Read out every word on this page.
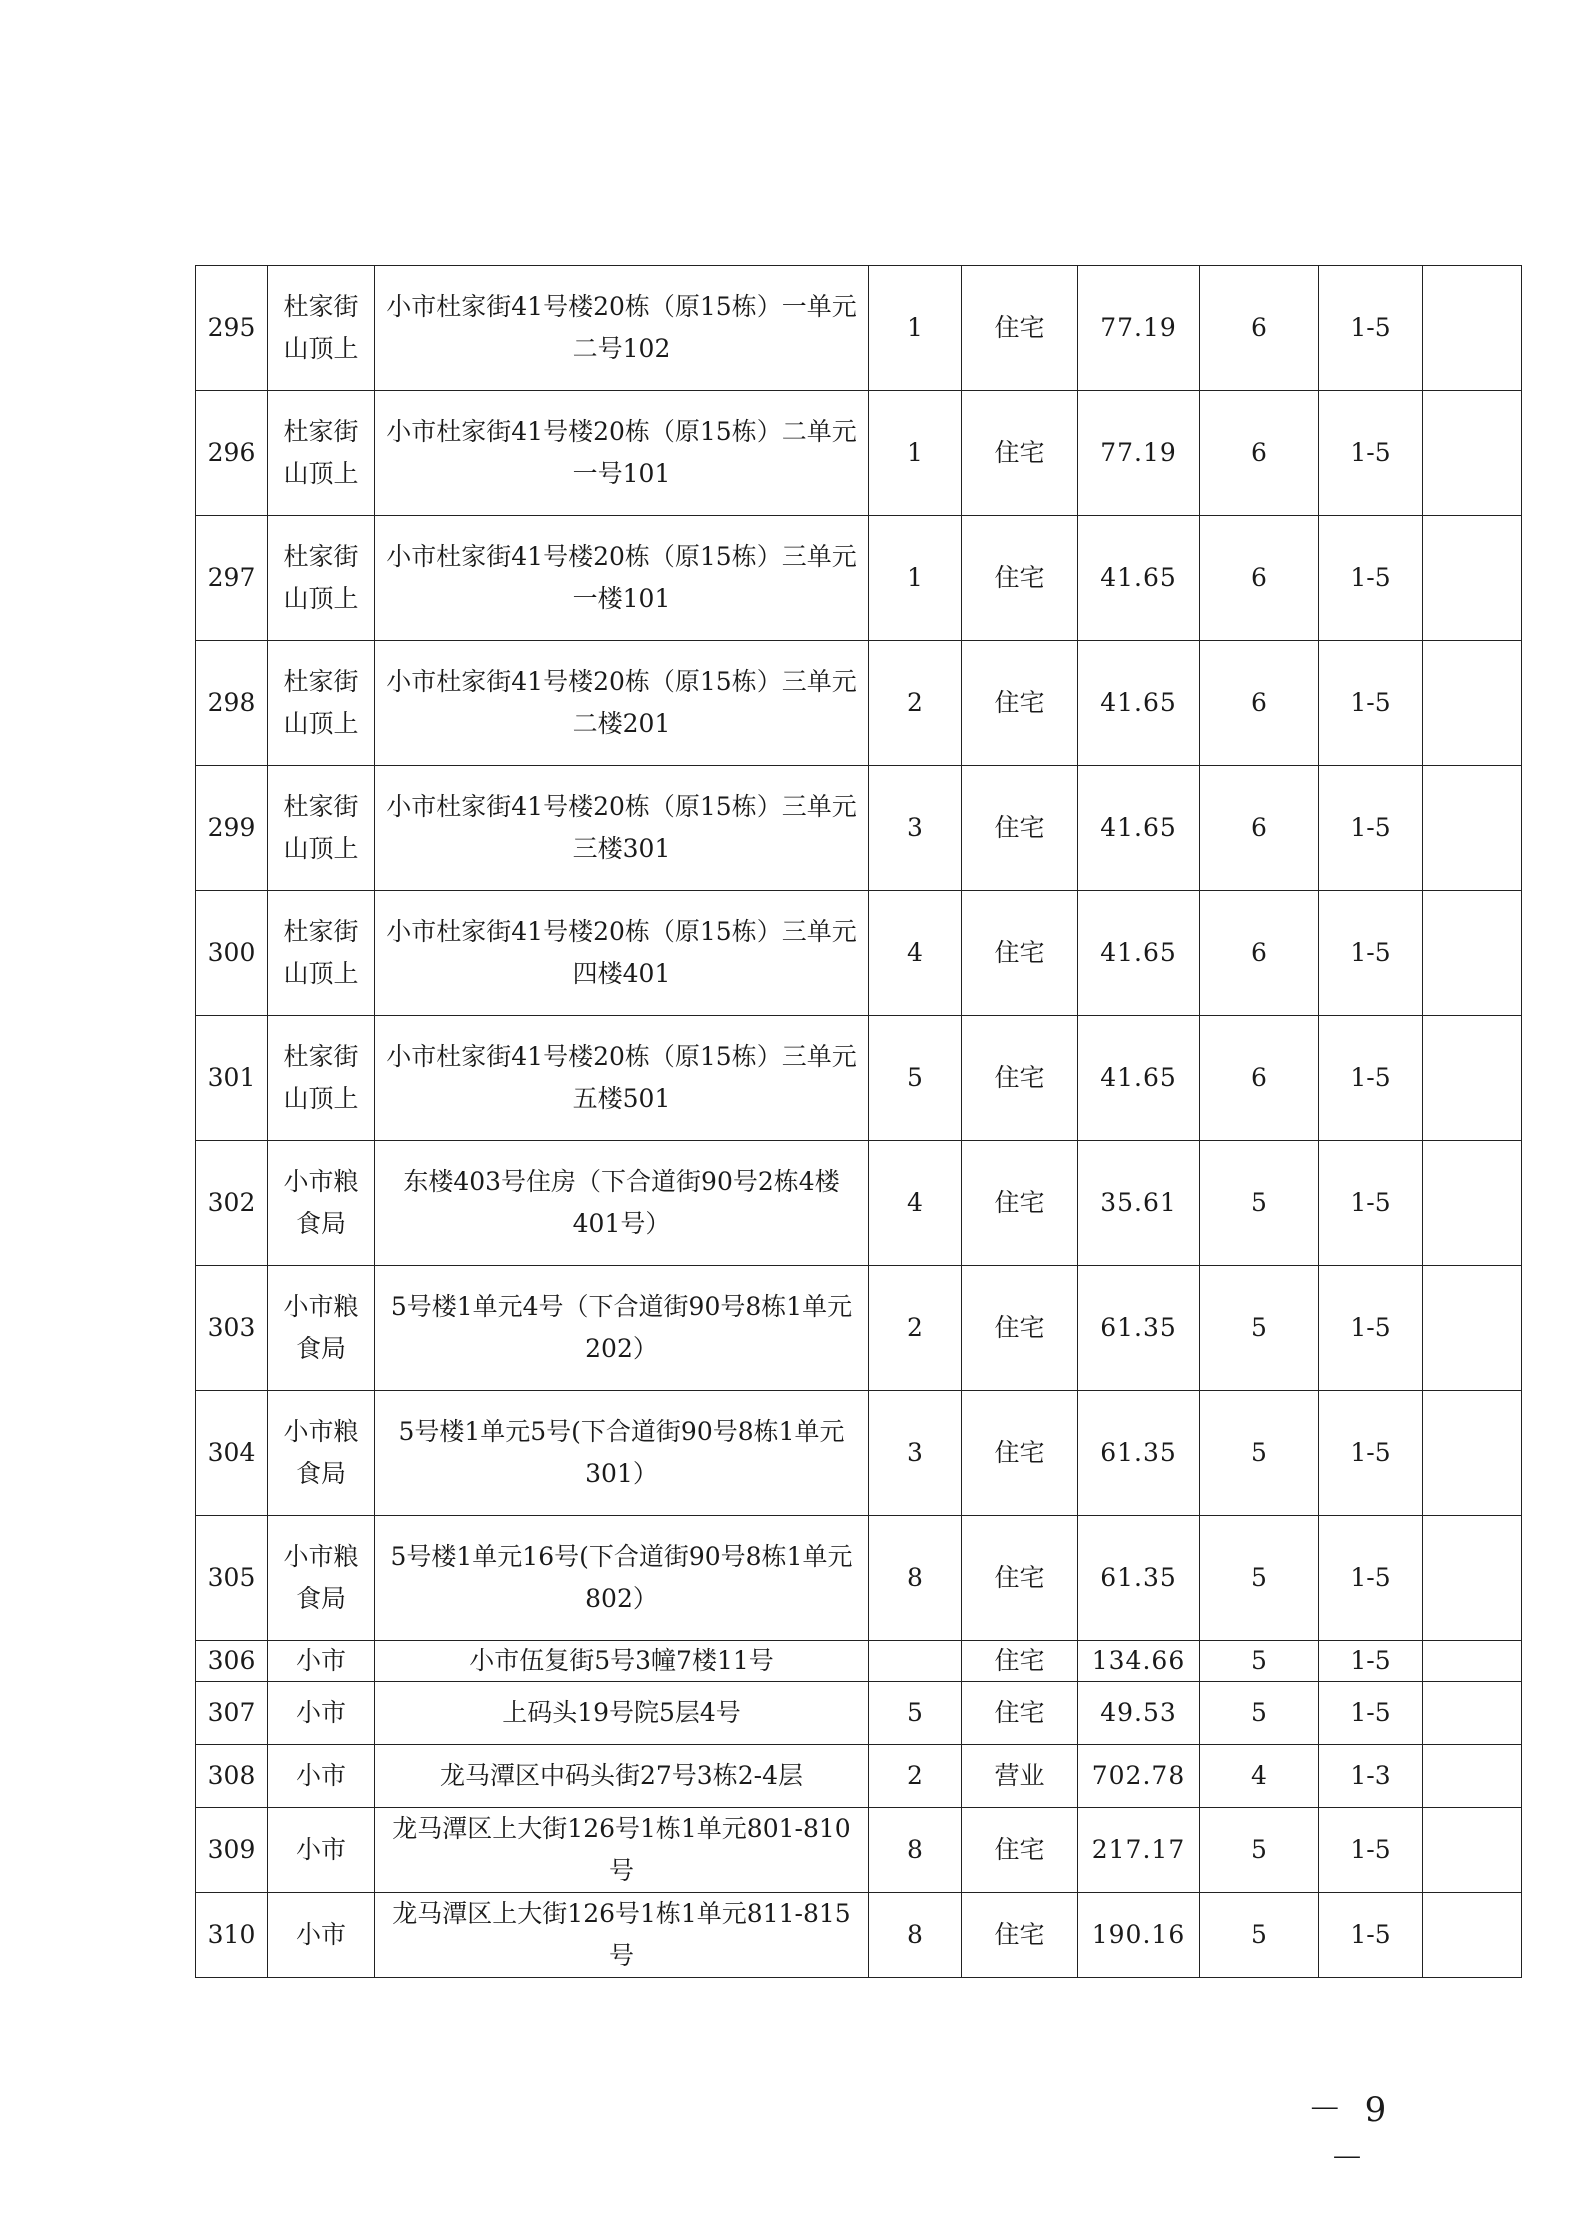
295	杜家街山顶上	小市杜家街41号楼20栋（原15栋）一单元二号102	1	住宅	77.19	6	1-5	
296	杜家街山顶上	小市杜家街41号楼20栋（原15栋）二单元一号101	1	住宅	77.19	6	1-5	
297	杜家街山顶上	小市杜家街41号楼20栋（原15栋）三单元一楼101	1	住宅	41.65	6	1-5	
298	杜家街山顶上	小市杜家街41号楼20栋（原15栋）三单元二楼201	2	住宅	41.65	6	1-5	
299	杜家街山顶上	小市杜家街41号楼20栋（原15栋）三单元三楼301	3	住宅	41.65	6	1-5	
300	杜家街山顶上	小市杜家街41号楼20栋（原15栋）三单元四楼401	4	住宅	41.65	6	1-5	
301	杜家街山顶上	小市杜家街41号楼20栋（原15栋）三单元五楼501	5	住宅	41.65	6	1-5	
302	小市粮食局	东楼403号住房（下合道街90号2栋4楼401号）	4	住宅	35.61	5	1-5	
303	小市粮食局	5号楼1单元4号（下合道街90号8栋1单元202）	2	住宅	61.35	5	1-5	
304	小市粮食局	5号楼1单元5号(下合道街90号8栋1单元301）	3	住宅	61.35	5	1-5	
305	小市粮食局	5号楼1单元16号(下合道街90号8栋1单元802）	8	住宅	61.35	5	1-5	
306	小市	小市伍复街5号3幢7楼11号		住宅	134.66	5	1-5	
307	小市	上码头19号院5层4号	5	住宅	49.53	5	1-5	
308	小市	龙马潭区中码头街27号3栋2-4层	2	营业	702.78	4	1-3	
309	小市	龙马潭区上大街126号1栋1单元801-810号	8	住宅	217.17	5	1-5	
310	小市	龙马潭区上大街126号1栋1单元811-815号	8	住宅	190.16	5	1-5	
－ 9 －
